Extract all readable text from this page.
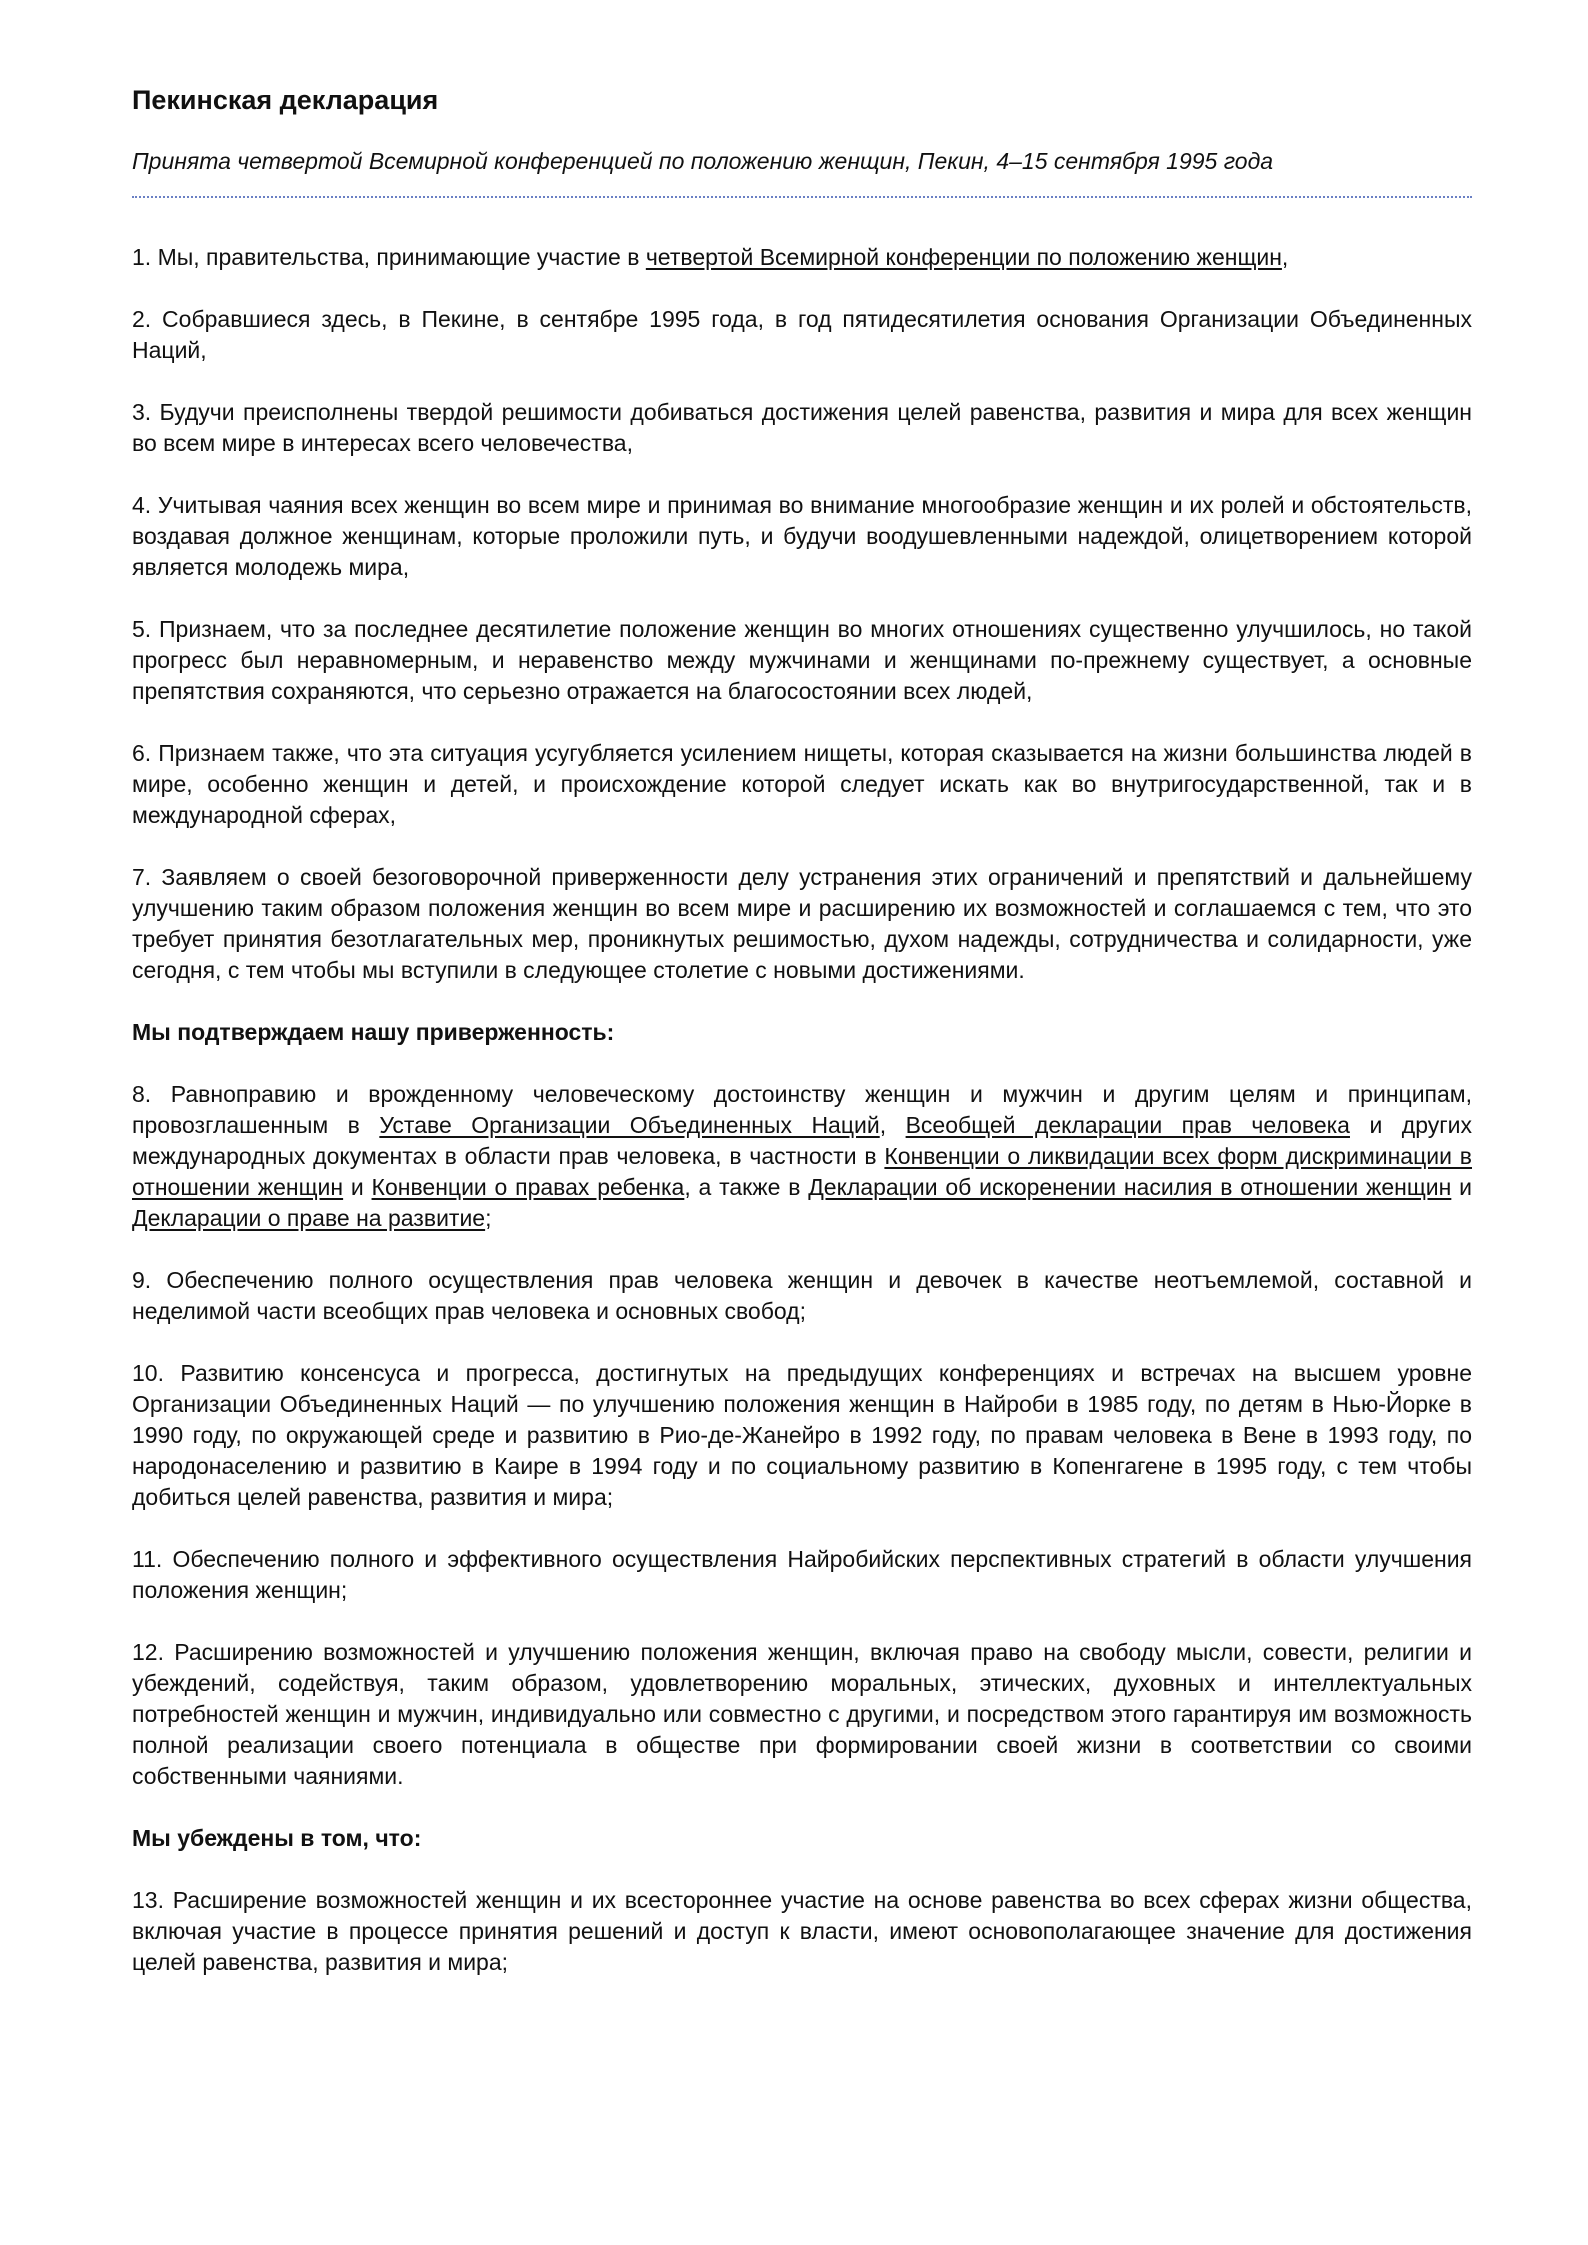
Пекинская декларация

Принята четвертой Всемирной конференцией по положению женщин, Пекин, 4–15 сентября 1995 года

1. Мы, правительства, принимающие участие в четвертой Всемирной конференции по положению женщин,

2. Собравшиеся здесь, в Пекине, в сентябре 1995 года, в год пятидесятилетия основания Организации Объединенных Наций,

3. Будучи преисполнены твердой решимости добиваться достижения целей равенства, развития и мира для всех женщин во всем мире в интересах всего человечества,

4. Учитывая чаяния всех женщин во всем мире и принимая во внимание многообразие женщин и их ролей и обстоятельств, воздавая должное женщинам, которые проложили путь, и будучи воодушевленными надеждой, олицетворением которой является молодежь мира,

5. Признаем, что за последнее десятилетие положение женщин во многих отношениях существенно улучшилось, но такой прогресс был неравномерным, и неравенство между мужчинами и женщинами по-прежнему существует, а основные препятствия сохраняются, что серьезно отражается на благосостоянии всех людей,

6. Признаем также, что эта ситуация усугубляется усилением нищеты, которая сказывается на жизни большинства людей в мире, особенно женщин и детей, и происхождение которой следует искать как во внутригосударственной, так и в международной сферах,

7. Заявляем о своей безоговорочной приверженности делу устранения этих ограничений и препятствий и дальнейшему улучшению таким образом положения женщин во всем мире и расширению их возможностей и соглашаемся с тем, что это требует принятия безотлагательных мер, проникнутых решимостью, духом надежды, сотрудничества и солидарности, уже сегодня, с тем чтобы мы вступили в следующее столетие с новыми достижениями.

Мы подтверждаем нашу приверженность:

8. Равноправию и врожденному человеческому достоинству женщин и мужчин и другим целям и принципам, провозглашенным в Уставе Организации Объединенных Наций, Всеобщей декларации прав человека и других международных документах в области прав человека, в частности в Конвенции о ликвидации всех форм дискриминации в отношении женщин и Конвенции о правах ребенка, а также в Декларации об искоренении насилия в отношении женщин и Декларации о праве на развитие;

9. Обеспечению полного осуществления прав человека женщин и девочек в качестве неотъемлемой, составной и неделимой части всеобщих прав человека и основных свобод;

10. Развитию консенсуса и прогресса, достигнутых на предыдущих конференциях и встречах на высшем уровне Организации Объединенных Наций — по улучшению положения женщин в Найроби в 1985 году, по детям в Нью-Йорке в 1990 году, по окружающей среде и развитию в Рио-де-Жанейро в 1992 году, по правам человека в Вене в 1993 году, по народонаселению и развитию в Каире в 1994 году и по социальному развитию в Копенгагене в 1995 году, с тем чтобы добиться целей равенства, развития и мира;

11. Обеспечению полного и эффективного осуществления Найробийских перспективных стратегий в области улучшения положения женщин;

12. Расширению возможностей и улучшению положения женщин, включая право на свободу мысли, совести, религии и убеждений, содействуя, таким образом, удовлетворению моральных, этических, духовных и интеллектуальных потребностей женщин и мужчин, индивидуально или совместно с другими, и посредством этого гарантируя им возможность полной реализации своего потенциала в обществе при формировании своей жизни в соответствии со своими собственными чаяниями.

Мы убеждены в том, что:

13. Расширение возможностей женщин и их всестороннее участие на основе равенства во всех сферах жизни общества, включая участие в процессе принятия решений и доступ к власти, имеют основополагающее значение для достижения целей равенства, развития и мира;
